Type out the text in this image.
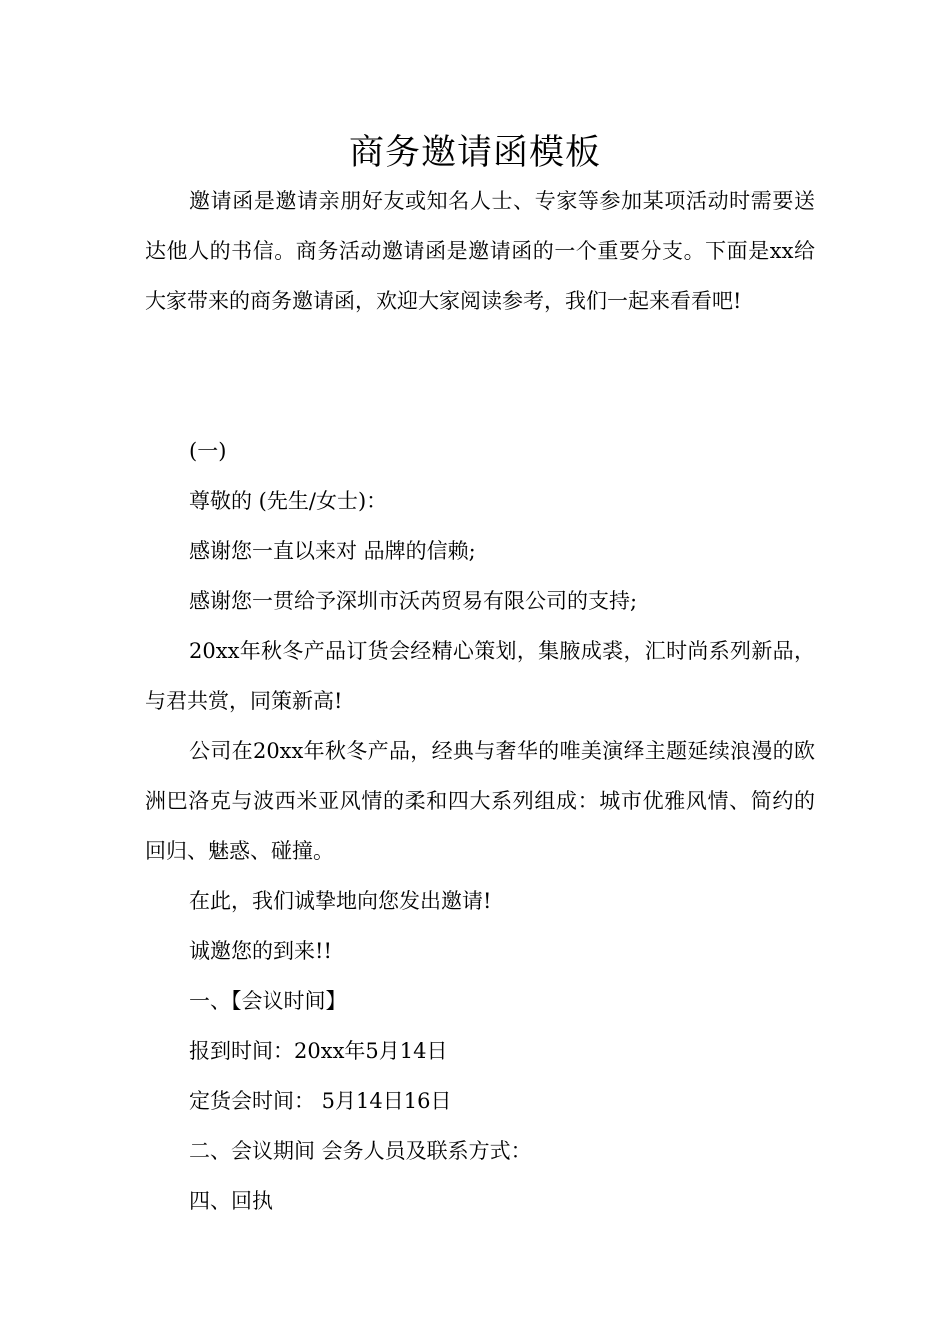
商务邀请函模板

邀请函是邀请亲朋好友或知名人士、专家等参加某项活动时需要送达他人的书信。商务活动邀请函是邀请函的一个重要分支。下面是xx给大家带来的商务邀请函，欢迎大家阅读参考，我们一起来看看吧!

(一)

尊敬的 (先生/女士)：

感谢您一直以来对 品牌的信赖;

感谢您一贯给予深圳市沃芮贸易有限公司的支持;

20xx年秋冬产品订货会经精心策划，集腋成裘，汇时尚系列新品，与君共赏，同策新高!

公司在20xx年秋冬产品，经典与奢华的唯美演绎主题延续浪漫的欧洲巴洛克与波西米亚风情的柔和四大系列组成：城市优雅风情、简约的回归、魅惑、碰撞。

在此，我们诚挚地向您发出邀请!

诚邀您的到来!!

一、【会议时间】

报到时间：20xx年5月14日

定货会时间： 5月14日16日

二、会议期间 会务人员及联系方式：

四、回执
